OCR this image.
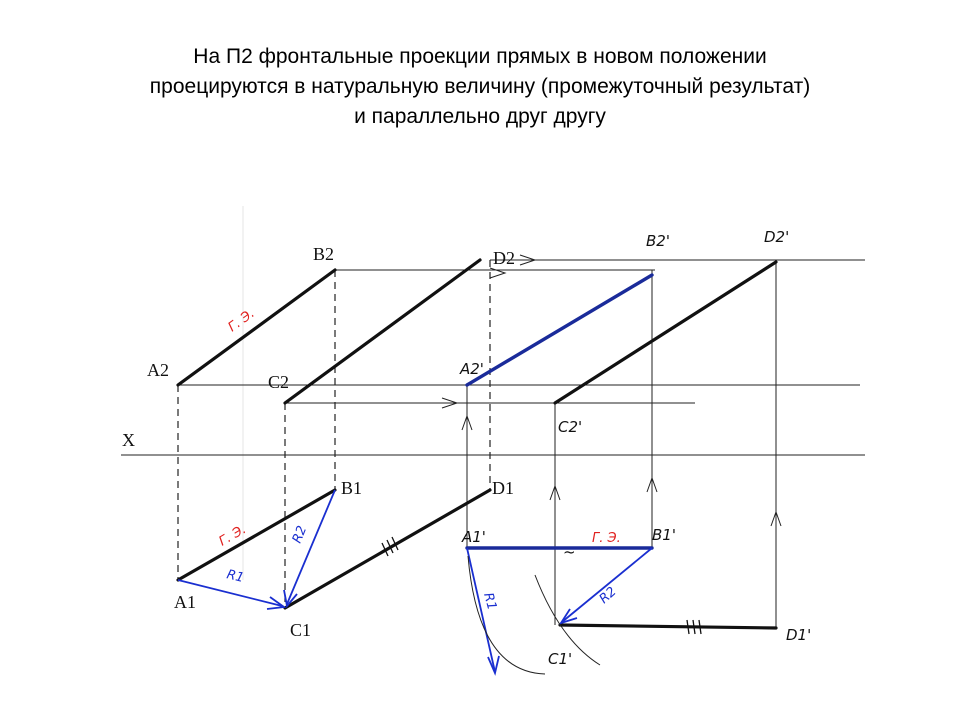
На П2 фронтальные проекции прямых в новом положении
проецируются в натуральную величину (промежуточный результат)
и параллельно друг другу
X
A2
B2
C2
D2
A1
B1
C1
D1
A2'
B2'
C2'
D2'
A1'	B1'
C1'
D1'
Г. Э.
Г. Э.	Г. Э.
R1
R2
R1	R2
~
